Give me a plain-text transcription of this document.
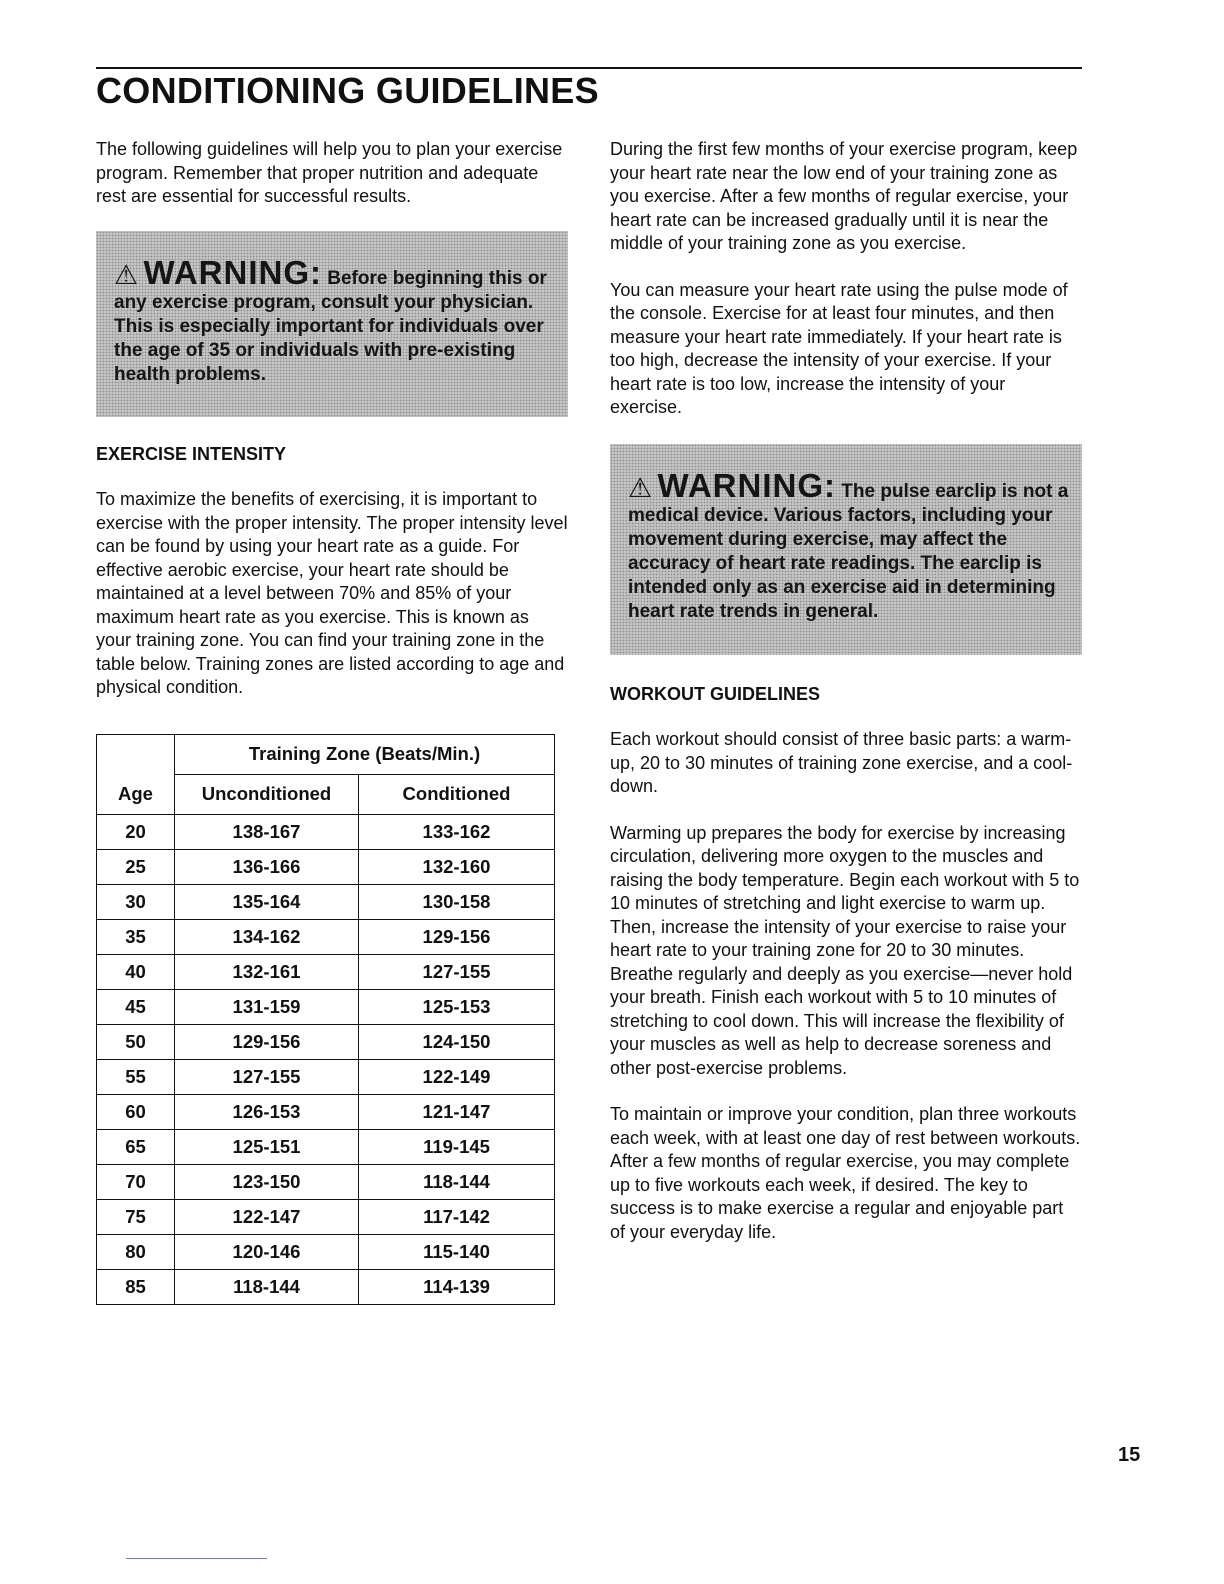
CONDITIONING GUIDELINES

The following guidelines will help you to plan your exercise program. Remember that proper nutrition and adequate rest are essential for successful results.

⚠ WARNING: Before beginning this or any exercise program, consult your physician. This is especially important for individuals over the age of 35 or individuals with pre-existing health problems.

EXERCISE INTENSITY

To maximize the benefits of exercising, it is important to exercise with the proper intensity. The proper intensity level can be found by using your heart rate as a guide. For effective aerobic exercise, your heart rate should be maintained at a level between 70% and 85% of your maximum heart rate as you exercise. This is known as your training zone. You can find your training zone in the table below. Training zones are listed according to age and physical condition.

Age	Training Zone (Beats/Min.)	
	Unconditioned	Conditioned
20	138-167	133-162
25	136-166	132-160
30	135-164	130-158
35	134-162	129-156
40	132-161	127-155
45	131-159	125-153
50	129-156	124-150
55	127-155	122-149
60	126-153	121-147
65	125-151	119-145
70	123-150	118-144
75	122-147	117-142
80	120-146	115-140
85	118-144	114-139

During the first few months of your exercise program, keep your heart rate near the low end of your training zone as you exercise. After a few months of regular exercise, your heart rate can be increased gradually until it is near the middle of your training zone as you exercise.

You can measure your heart rate using the pulse mode of the console. Exercise for at least four minutes, and then measure your heart rate immediately. If your heart rate is too high, decrease the intensity of your exercise. If your heart rate is too low, increase the intensity of your exercise.

⚠ WARNING: The pulse earclip is not a medical device. Various factors, including your movement during exercise, may affect the accuracy of heart rate readings. The earclip is intended only as an exercise aid in determining heart rate trends in general.

WORKOUT GUIDELINES

Each workout should consist of three basic parts: a warm-up, 20 to 30 minutes of training zone exercise, and a cool-down.

Warming up prepares the body for exercise by increasing circulation, delivering more oxygen to the muscles and raising the body temperature. Begin each workout with 5 to 10 minutes of stretching and light exercise to warm up. Then, increase the intensity of your exercise to raise your heart rate to your training zone for 20 to 30 minutes. Breathe regularly and deeply as you exercise—never hold your breath. Finish each workout with 5 to 10 minutes of stretching to cool down. This will increase the flexibility of your muscles as well as help to decrease soreness and other post-exercise problems.

To maintain or improve your condition, plan three workouts each week, with at least one day of rest between workouts. After a few months of regular exercise, you may complete up to five workouts each week, if desired. The key to success is to make exercise a regular and enjoyable part of your everyday life.

15
